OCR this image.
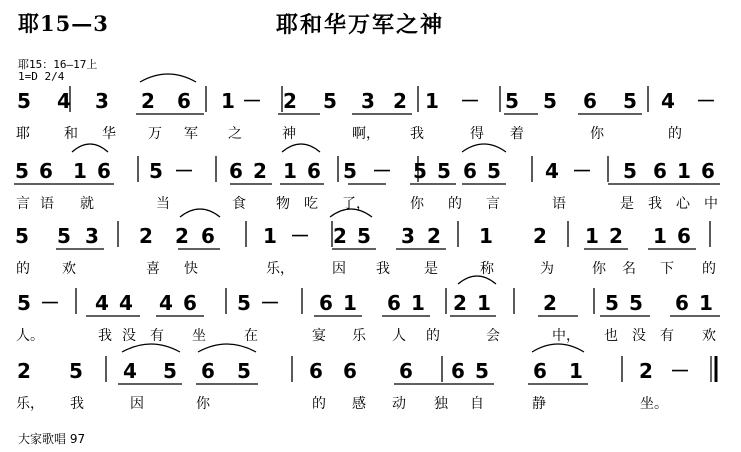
耶15—3	耶和华万军之神
耶15：16—17上
1=D 2/4
5 4 3 2 6 1 － 2 5 3 2 1 － 5 5 6 5 4 －
耶 和 华 万 军 之	神	啊， 我	得 着	你	的
5 6 1 6 5 － 6 2 1 6 5 － 5 5 6 5 4 － 5 6 1 6
言 语 就	当	食 物 吃 了，	你 的 言	语	是 我 心 中
5 5 3 2 2 6 1 － 2 5 3 2 1 2 1 2 1 6
的 欢	喜 快	乐，	因 我 是	称	为	你 名 下 的
5 － 4 4 4 6 5 － 6 1 6 1 2 1	2 5 5 6 1
人。	我 没 有 坐	在	宴 乐 人 的	会	中， 也 没 有 欢
2 5 4 5 6 5	6 6 6 6 5 6 1	2 －
乐， 我	因	你	的 感 动 独 自	静	坐。
大家歌唱 97
